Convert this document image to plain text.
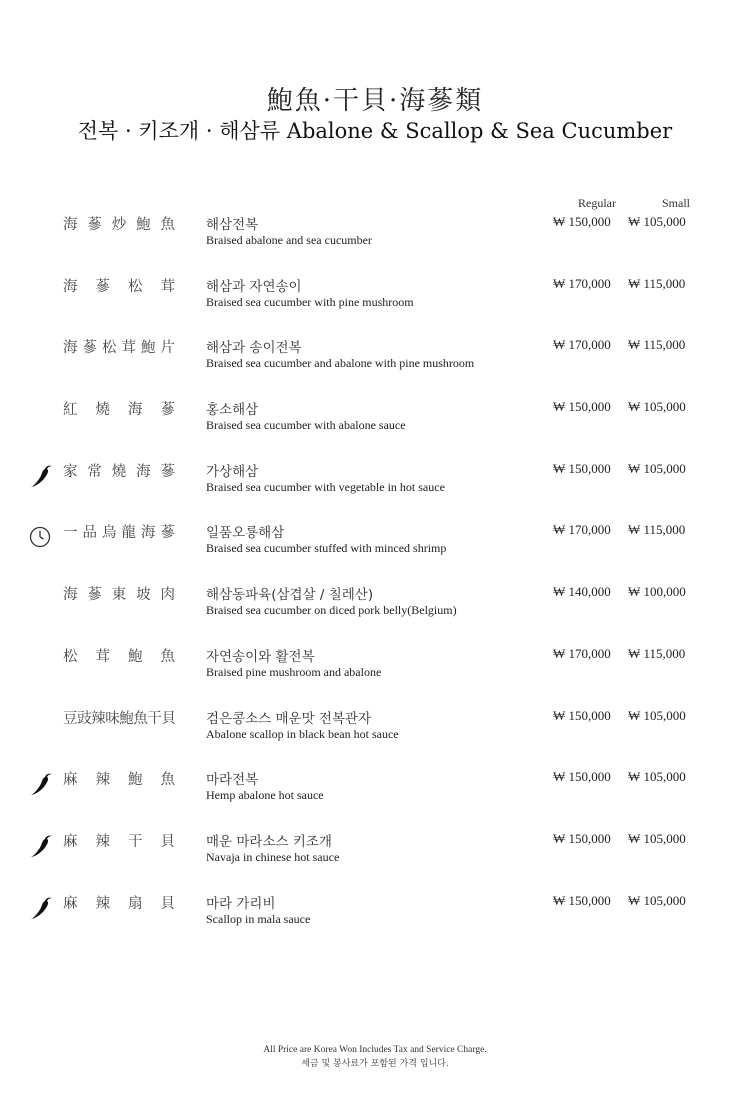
鮑魚·干貝·海蔘類
전복 · 키조개 · 해삼류 Abalone & Scallop & Sea Cucumber
Regular	Small
海蔘炒鮑魚 해삼전복
Braised abalone and sea cucumber
₩ 150,000 ₩ 105,000
海蔘松茸 해삼과 자연송이
Braised sea cucumber with pine mushroom
₩ 170,000 ₩ 115,000
海蔘松茸鮑片 해삼과 송이전복
Braised sea cucumber and abalone with pine mushroom
₩ 170,000 ₩ 115,000
紅燒海蔘 홍소해삼
Braised sea cucumber with abalone sauce
₩ 150,000 ₩ 105,000
家常燒海蔘 가상해삼
Braised sea cucumber with vegetable in hot sauce
₩ 150,000 ₩ 105,000
一品烏龍海蔘 일품오룡해삼
Braised sea cucumber stuffed with minced shrimp
₩ 170,000 ₩ 115,000
海蔘東坡肉 해삼동파육(삼겹살 / 칠레산)
Braised sea cucumber on diced pork belly(Belgium)
₩ 140,000 ₩ 100,000
松茸鮑魚 자연송이와 활전복
Braised pine mushroom and abalone
₩ 170,000 ₩ 115,000
豆豉辣味鮑魚干貝 검은콩소스 매운맛 전복관자
Abalone scallop in black bean hot sauce
₩ 150,000 ₩ 105,000
麻辣鮑魚 마라전복
Hemp abalone hot sauce
₩ 150,000 ₩ 105,000
麻辣干貝 매운 마라소스 키조개
Navaja in chinese hot sauce
₩ 150,000 ₩ 105,000
麻辣扇貝 마라 가리비
Scallop in mala sauce
₩ 150,000 ₩ 105,000
All Price are Korea Won Includes Tax and Service Charge.
세금 및 봉사료가 포함된 가격 입니다.
